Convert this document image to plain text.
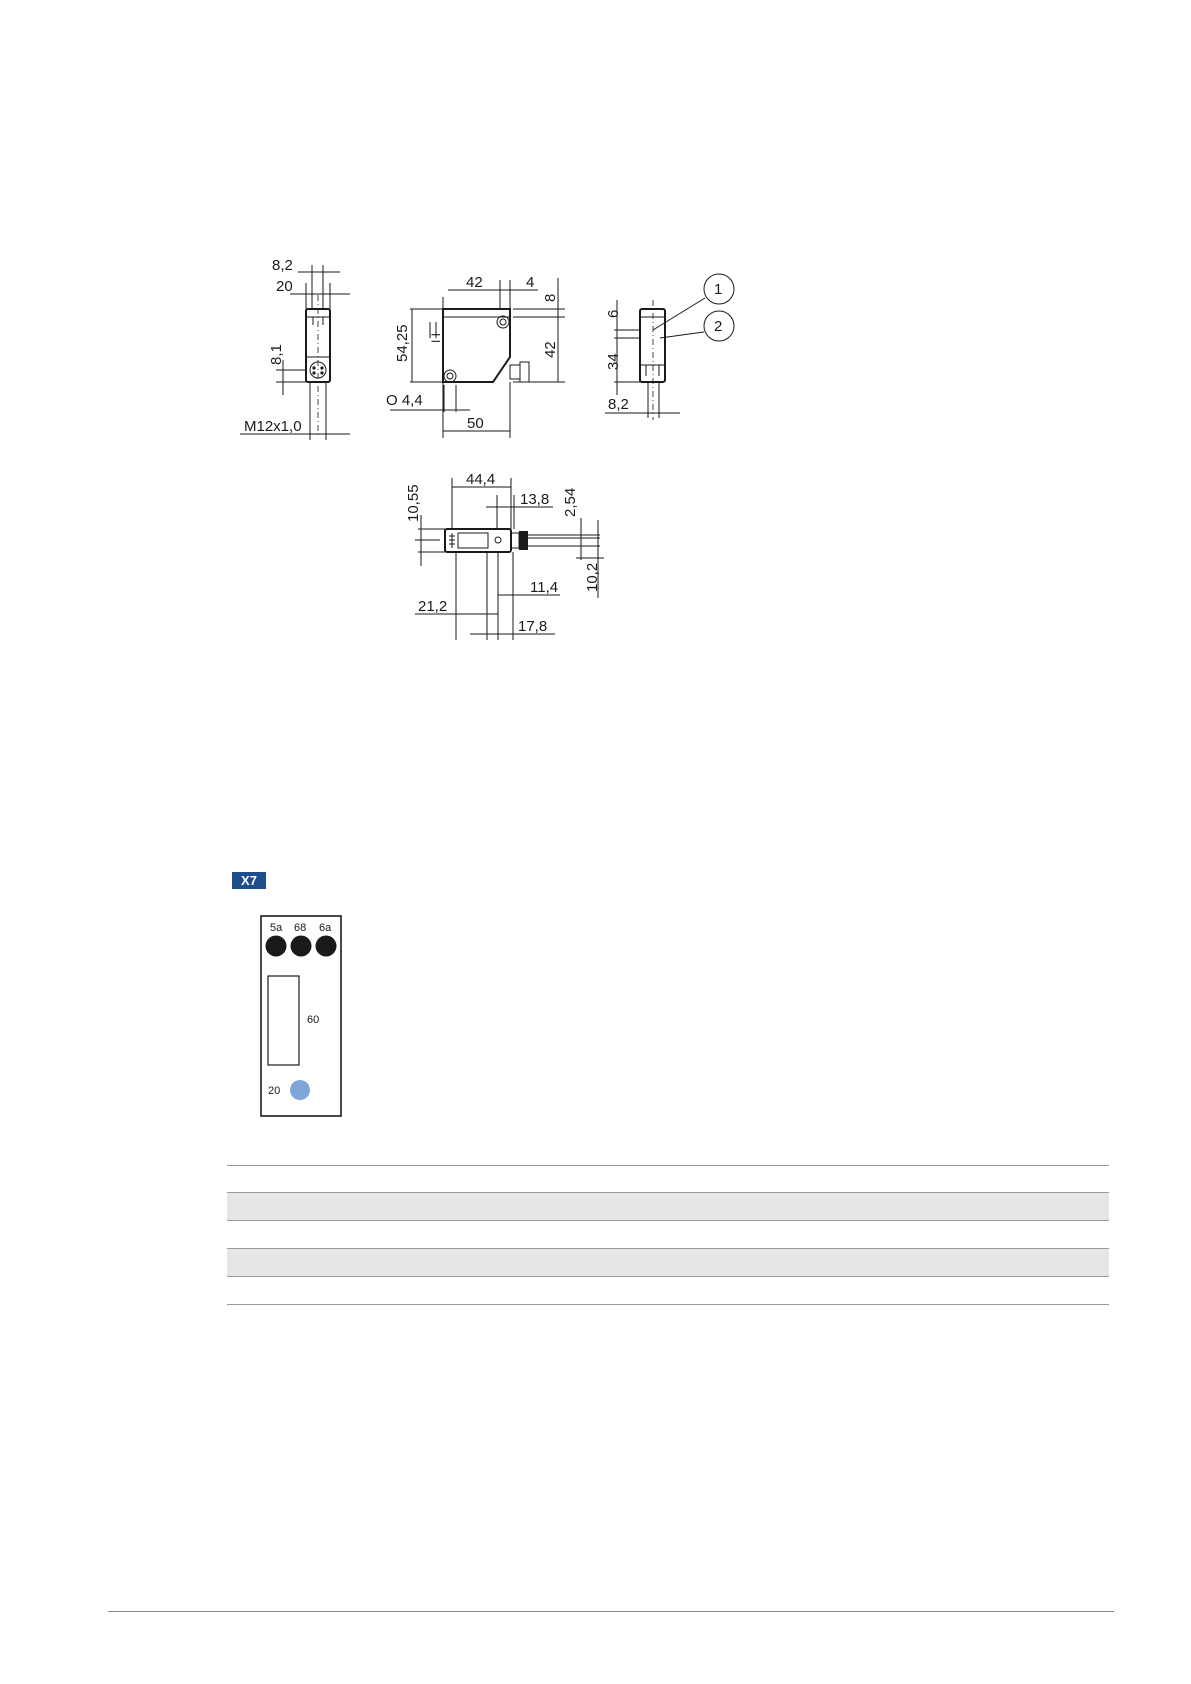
8,2
20
8,1
M12x1,0
42	4
8
54,25	42
I I
O 4,4
50
1
2
6
34
8,2
44,4
13,8
10,55	2,54
10,2
11,4
21,2
17,8
5a 68 6a
60
20
X7
